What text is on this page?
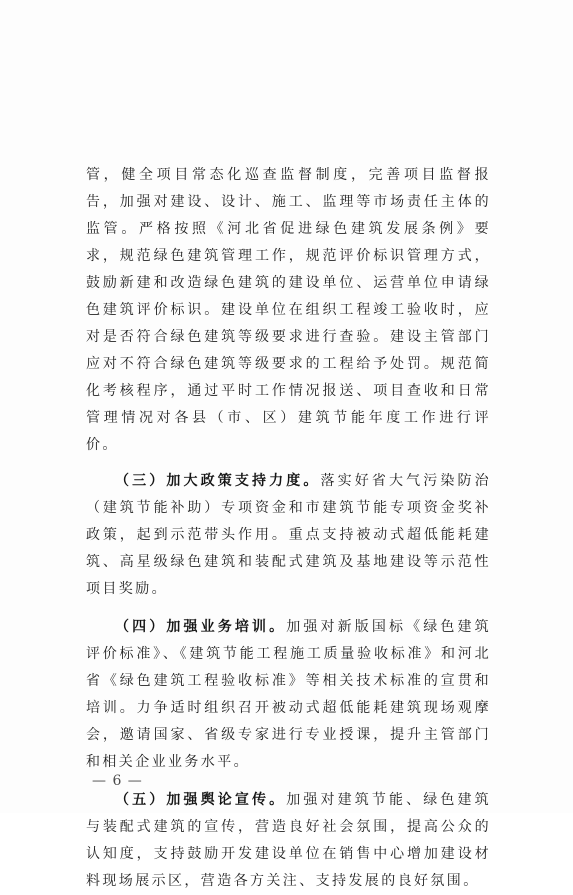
管，健全项目常态化巡查监督制度，完善项目监督报告，加强对建设、设计、施工、监理等市场责任主体的监管。严格按照《河北省促进绿色建筑发展条例》要求，规范绿色建筑管理工作，规范评价标识管理方式，鼓励新建和改造绿色建筑的建设单位、运营单位申请绿色建筑评价标识。建设单位在组织工程竣工验收时，应对是否符合绿色建筑等级要求进行查验。建设主管部门应对不符合绿色建筑等级要求的工程给予处罚。规范简化考核程序，通过平时工作情况报送、项目查收和日常管理情况对各县（市、区）建筑节能年度工作进行评价。

（三）加大政策支持力度。落实好省大气污染防治（建筑节能补助）专项资金和市建筑节能专项资金奖补政策，起到示范带头作用。重点支持被动式超低能耗建筑、高星级绿色建筑和装配式建筑及基地建设等示范性项目奖励。

（四）加强业务培训。加强对新版国标《绿色建筑评价标准》、《建筑节能工程施工质量验收标准》和河北省《绿色建筑工程验收标准》等相关技术标准的宣贯和培训。力争适时组织召开被动式超低能耗建筑现场观摩会，邀请国家、省级专家进行专业授课，提升主管部门和相关企业业务水平。

（五）加强舆论宣传。加强对建筑节能、绿色建筑与装配式建筑的宣传，营造良好社会氛围，提高公众的认知度，支持鼓励开发建设单位在销售中心增加建设材料现场展示区，营造各方关注、支持发展的良好氛围。

— 6 —
